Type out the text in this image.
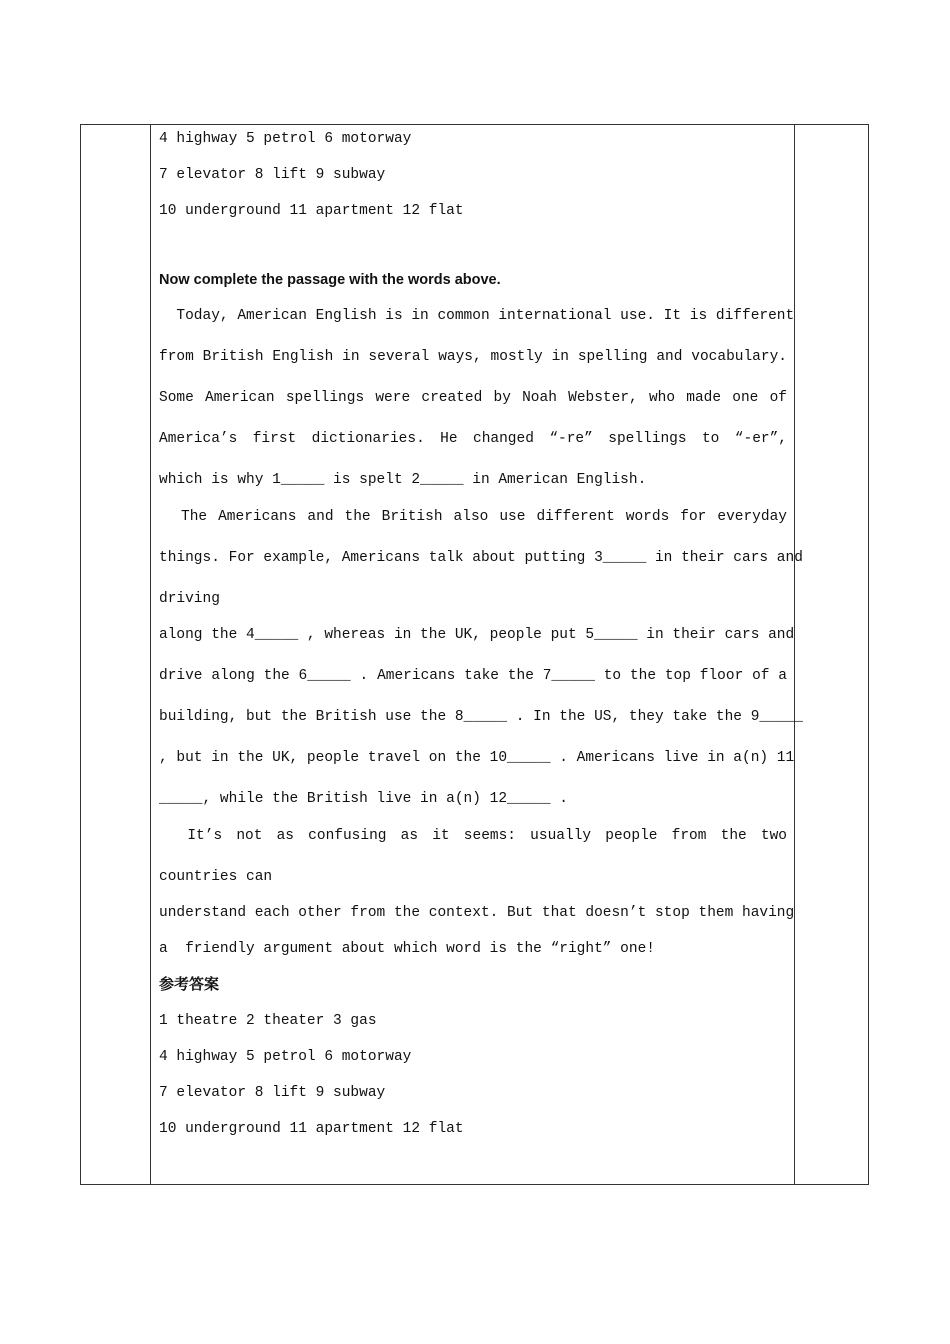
4 highway 5 petrol 6 motorway
7 elevator 8 lift 9 subway
10 underground 11 apartment 12 flat
Now complete the passage with the words above.
Today, American English is in common international use. It is different
from British English in several ways, mostly in spelling and vocabulary.
Some American spellings were created by Noah Webster, who made one of
America’s first dictionaries. He changed “-re” spellings to “-er”,
which is why 1_____ is spelt 2_____ in American English.
The Americans and the British also use different words for everyday
things. For example, Americans talk about putting 3_____ in their cars and
driving
along the 4_____ , whereas in the UK, people put 5_____ in their cars and
drive along the 6_____ . Americans take the 7_____ to the top floor of a
building, but the British use the 8_____ . In the US, they take the 9_____
, but in the UK, people travel on the 10_____ . Americans live in a(n) 11
_____, while the British live in a(n) 12_____ .
It’s not as confusing as it seems: usually people from the two
countries can
understand each other from the context. But that doesn’t stop them having
a  friendly argument about which word is the “right” one!
参考答案
1 theatre 2 theater 3 gas
4 highway 5 petrol 6 motorway
7 elevator 8 lift 9 subway
10 underground 11 apartment 12 flat
